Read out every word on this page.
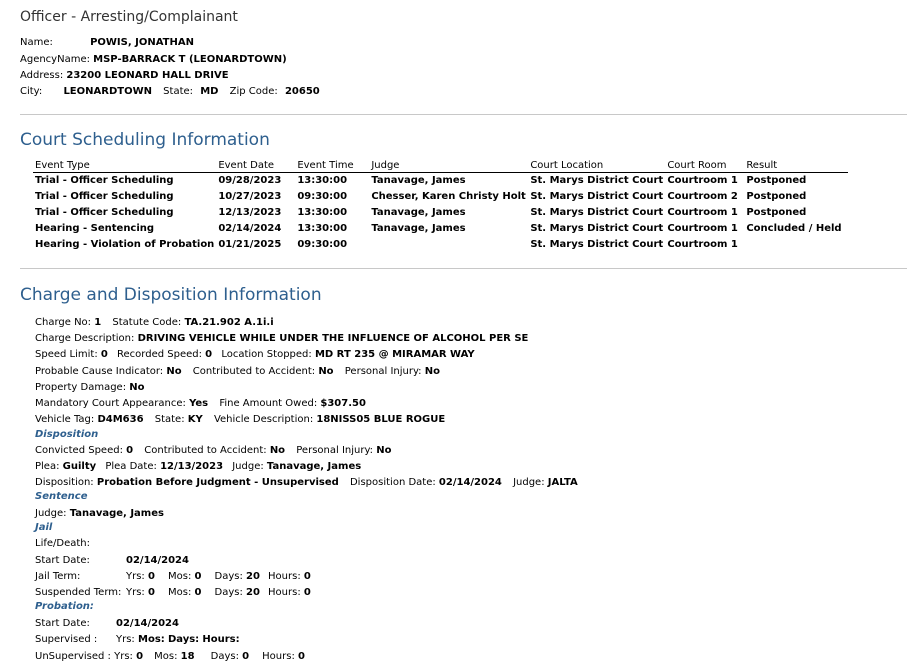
Officer - Arresting/Complainant
Name:	POWIS, JONATHAN
AgencyName: MSP-BARRACK T (LEONARDTOWN)
Address: 23200 LEONARD HALL DRIVE
City: LEONARDTOWN State: MD Zip Code: 20650
Court Scheduling Information
Event Type	Event Date	Event Time	Judge	Court Location	Court Room	Result
Trial - Officer Scheduling	09/28/2023	13:30:00	Tanavage, James	St. Marys District Court	Courtroom 1	Postponed
Trial - Officer Scheduling	10/27/2023	09:30:00	Chesser, Karen Christy Holt	St. Marys District Court	Courtroom 2	Postponed
Trial - Officer Scheduling	12/13/2023	13:30:00	Tanavage, James	St. Marys District Court	Courtroom 1	Postponed
Hearing - Sentencing	02/14/2024	13:30:00	Tanavage, James	St. Marys District Court	Courtroom 1	Concluded / Held
Hearing - Violation of Probation	01/21/2025	09:30:00		St. Marys District Court	Courtroom 1	
Charge and Disposition Information
Charge No: 1 Statute Code: TA.21.902 A.1i.i
Charge Description: DRIVING VEHICLE WHILE UNDER THE INFLUENCE OF ALCOHOL PER SE
Speed Limit: 0 Recorded Speed: 0 Location Stopped: MD RT 235 @ MIRAMAR WAY
Probable Cause Indicator: No Contributed to Accident: No Personal Injury: No
Property Damage: No
Mandatory Court Appearance: Yes Fine Amount Owed: $307.50
Vehicle Tag: D4M636 State: KY Vehicle Description: 18NISS05 BLUE ROGUE
Disposition
Convicted Speed: 0 Contributed to Accident: No Personal Injury: No
Plea: Guilty Plea Date: 12/13/2023 Judge: Tanavage, James
Disposition: Probation Before Judgment - Unsupervised Disposition Date: 02/14/2024 Judge: JALTA
Sentence
Judge: Tanavage, James
Jail
Life/Death:
Start Date:	02/14/2024
Jail Term:	Yrs: 0 Mos: 0 Days: 20 Hours: 0
Suspended Term: Yrs: 0 Mos: 0 Days: 20 Hours: 0
Probation:
Start Date:	02/14/2024
Supervised : Yrs: Mos: Days: Hours:
UnSupervised : Yrs: 0 Mos: 18 Days: 0 Hours: 0
